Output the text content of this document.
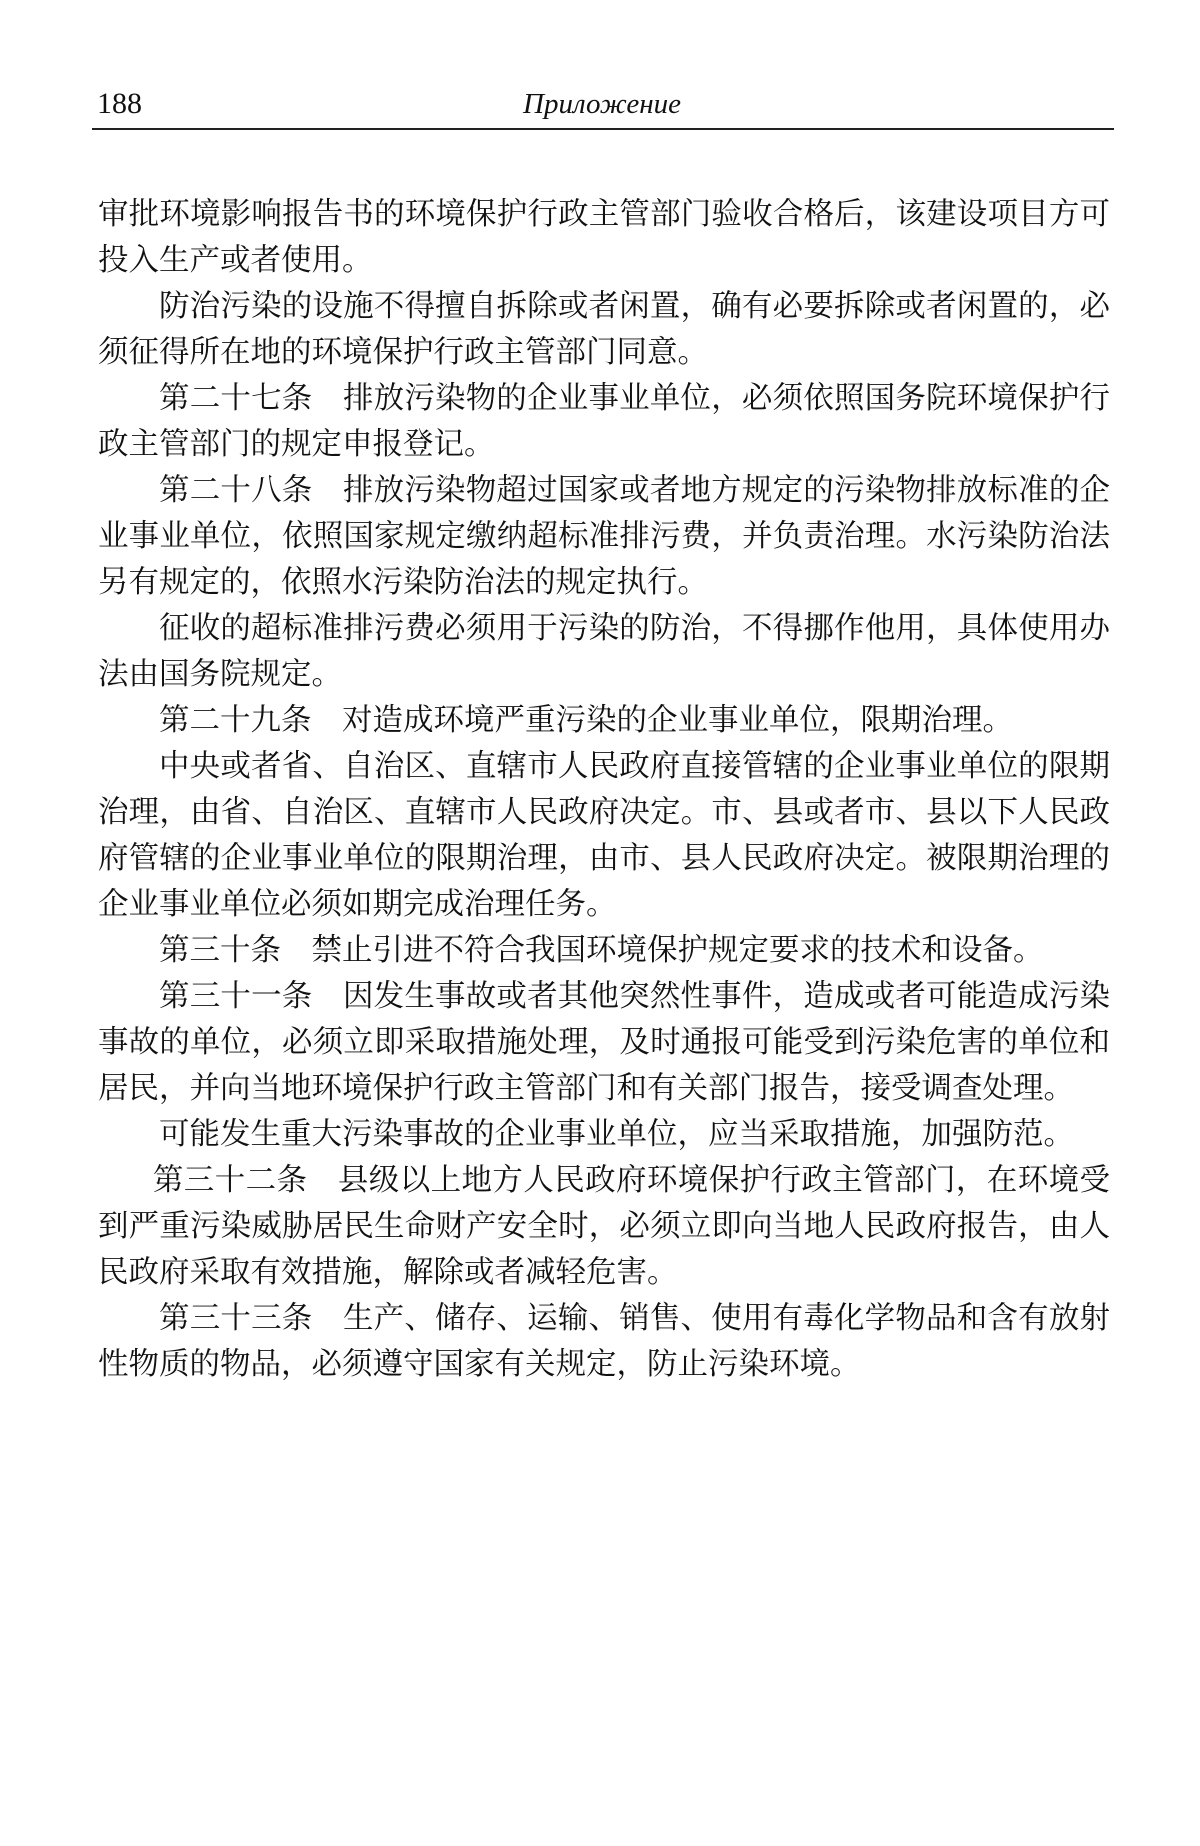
188	Приложение

审批环境影响报告书的环境保护行政主管部门验收合格后，该建设项目方可投入生产或者使用。

防治污染的设施不得擅自拆除或者闲置，确有必要拆除或者闲置的，必须征得所在地的环境保护行政主管部门同意。

第二十七条 排放污染物的企业事业单位，必须依照国务院环境保护行政主管部门的规定申报登记。

第二十八条 排放污染物超过国家或者地方规定的污染物排放标准的企业事业单位，依照国家规定缴纳超标准排污费，并负责治理。水污染防治法另有规定的，依照水污染防治法的规定执行。

征收的超标准排污费必须用于污染的防治，不得挪作他用，具体使用办法由国务院规定。

第二十九条 对造成环境严重污染的企业事业单位，限期治理。

中央或者省、自治区、直辖市人民政府直接管辖的企业事业单位的限期治理，由省、自治区、直辖市人民政府决定。市、县或者市、县以下人民政府管辖的企业事业单位的限期治理，由市、县人民政府决定。被限期治理的企业事业单位必须如期完成治理任务。

第三十条 禁止引进不符合我国环境保护规定要求的技术和设备。

第三十一条 因发生事故或者其他突然性事件，造成或者可能造成污染事故的单位，必须立即采取措施处理，及时通报可能受到污染危害的单位和居民，并向当地环境保护行政主管部门和有关部门报告，接受调查处理。

可能发生重大污染事故的企业事业单位，应当采取措施，加强防范。

第三十二条 县级以上地方人民政府环境保护行政主管部门，在环境受到严重污染威胁居民生命财产安全时，必须立即向当地人民政府报告，由人民政府采取有效措施，解除或者减轻危害。

第三十三条 生产、储存、运输、销售、使用有毒化学物品和含有放射性物质的物品，必须遵守国家有关规定，防止污染环境。
